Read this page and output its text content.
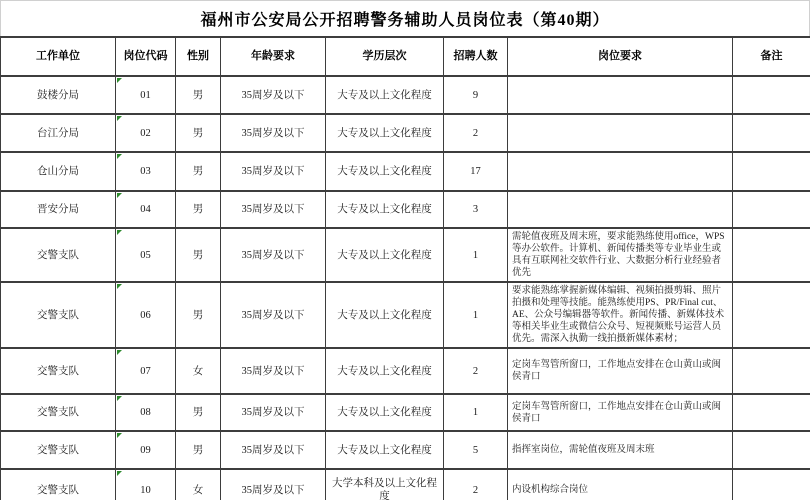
福州市公安局公开招聘警务辅助人员岗位表（第40期）
工作单位	岗位代码	性别	年龄要求	学历层次	招聘人数	岗位要求	备注
鼓楼分局	01	男	35周岁及以下	大专及以上文化程度	9		
台江分局	02	男	35周岁及以下	大专及以上文化程度	2		
仓山分局	03	男	35周岁及以下	大专及以上文化程度	17		
晋安分局	04	男	35周岁及以下	大专及以上文化程度	3		
交警支队	05	男	35周岁及以下	大专及以上文化程度	1	需轮值夜班及周末班，要求能熟练使用office，WPS等办公软件。计算机、新闻传播类等专业毕业生或具有互联网社交软件行业、大数据分析行业经验者优先	
交警支队	06	男	35周岁及以下	大专及以上文化程度	1	要求能熟练掌握新媒体编辑、视频拍摄剪辑、照片拍摄和处理等技能。能熟练使用PS、PR/Final cut、AE、公众号编辑器等软件。新闻传播、新媒体技术等相关毕业生或微信公众号、短视频账号运营人员优先。需深入执勤一线拍摄新媒体素材；	
交警支队	07	女	35周岁及以下	大专及以上文化程度	2	定岗车驾管所窗口，工作地点安排在仓山黄山或闽侯青口	
交警支队	08	男	35周岁及以下	大专及以上文化程度	1	定岗车驾管所窗口，工作地点安排在仓山黄山或闽侯青口	
交警支队	09	男	35周岁及以下	大专及以上文化程度	5	指挥室岗位，需轮值夜班及周末班	
交警支队	10	女	35周岁及以下	大学本科及以上文化程度	2	内设机构综合岗位	
